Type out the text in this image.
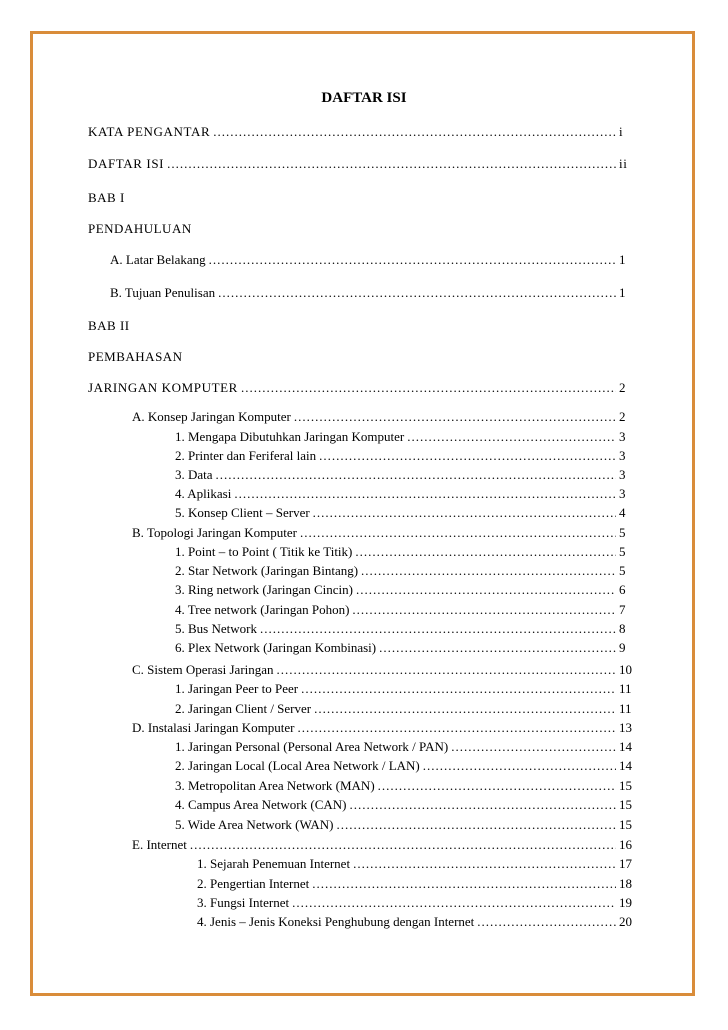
DAFTAR ISI
KATA PENGANTAR .....	i
DAFTAR ISI .....	ii
BAB I
PENDAHULUAN
A. Latar Belakang .....	1
B. Tujuan Penulisan .....	1
BAB II
PEMBAHASAN
JARINGAN KOMPUTER .....	2
A. Konsep Jaringan Komputer .....	2
1. Mengapa Dibutuhkan Jaringan Komputer .....	3
2. Printer dan Feriferal lain .....	3
3. Data .....	3
4. Aplikasi .....	3
5. Konsep Client – Server .....	4
B. Topologi Jaringan Komputer .....	5
1. Point – to Point ( Titik ke Titik) .....	5
2. Star Network (Jaringan Bintang) .....	5
3. Ring network (Jaringan Cincin) .....	6
4. Tree network (Jaringan Pohon) .....	7
5. Bus Network .....	8
6. Plex Network (Jaringan Kombinasi) .....	9
C. Sistem Operasi Jaringan .....	10
1. Jaringan Peer to Peer .....	11
2. Jaringan Client / Server .....	11
D. Instalasi Jaringan Komputer .....	13
1. Jaringan Personal (Personal Area Network / PAN) .....	14
2. Jaringan Local (Local Area Network / LAN) .....	14
3. Metropolitan Area Network (MAN) .....	15
4. Campus Area Network (CAN) .....	15
5. Wide Area Network (WAN) .....	15
E. Internet .....	16
1. Sejarah Penemuan Internet .....	17
2. Pengertian Internet .....	18
3. Fungsi Internet .....	19
4. Jenis – Jenis Koneksi Penghubung dengan Internet .....	20
